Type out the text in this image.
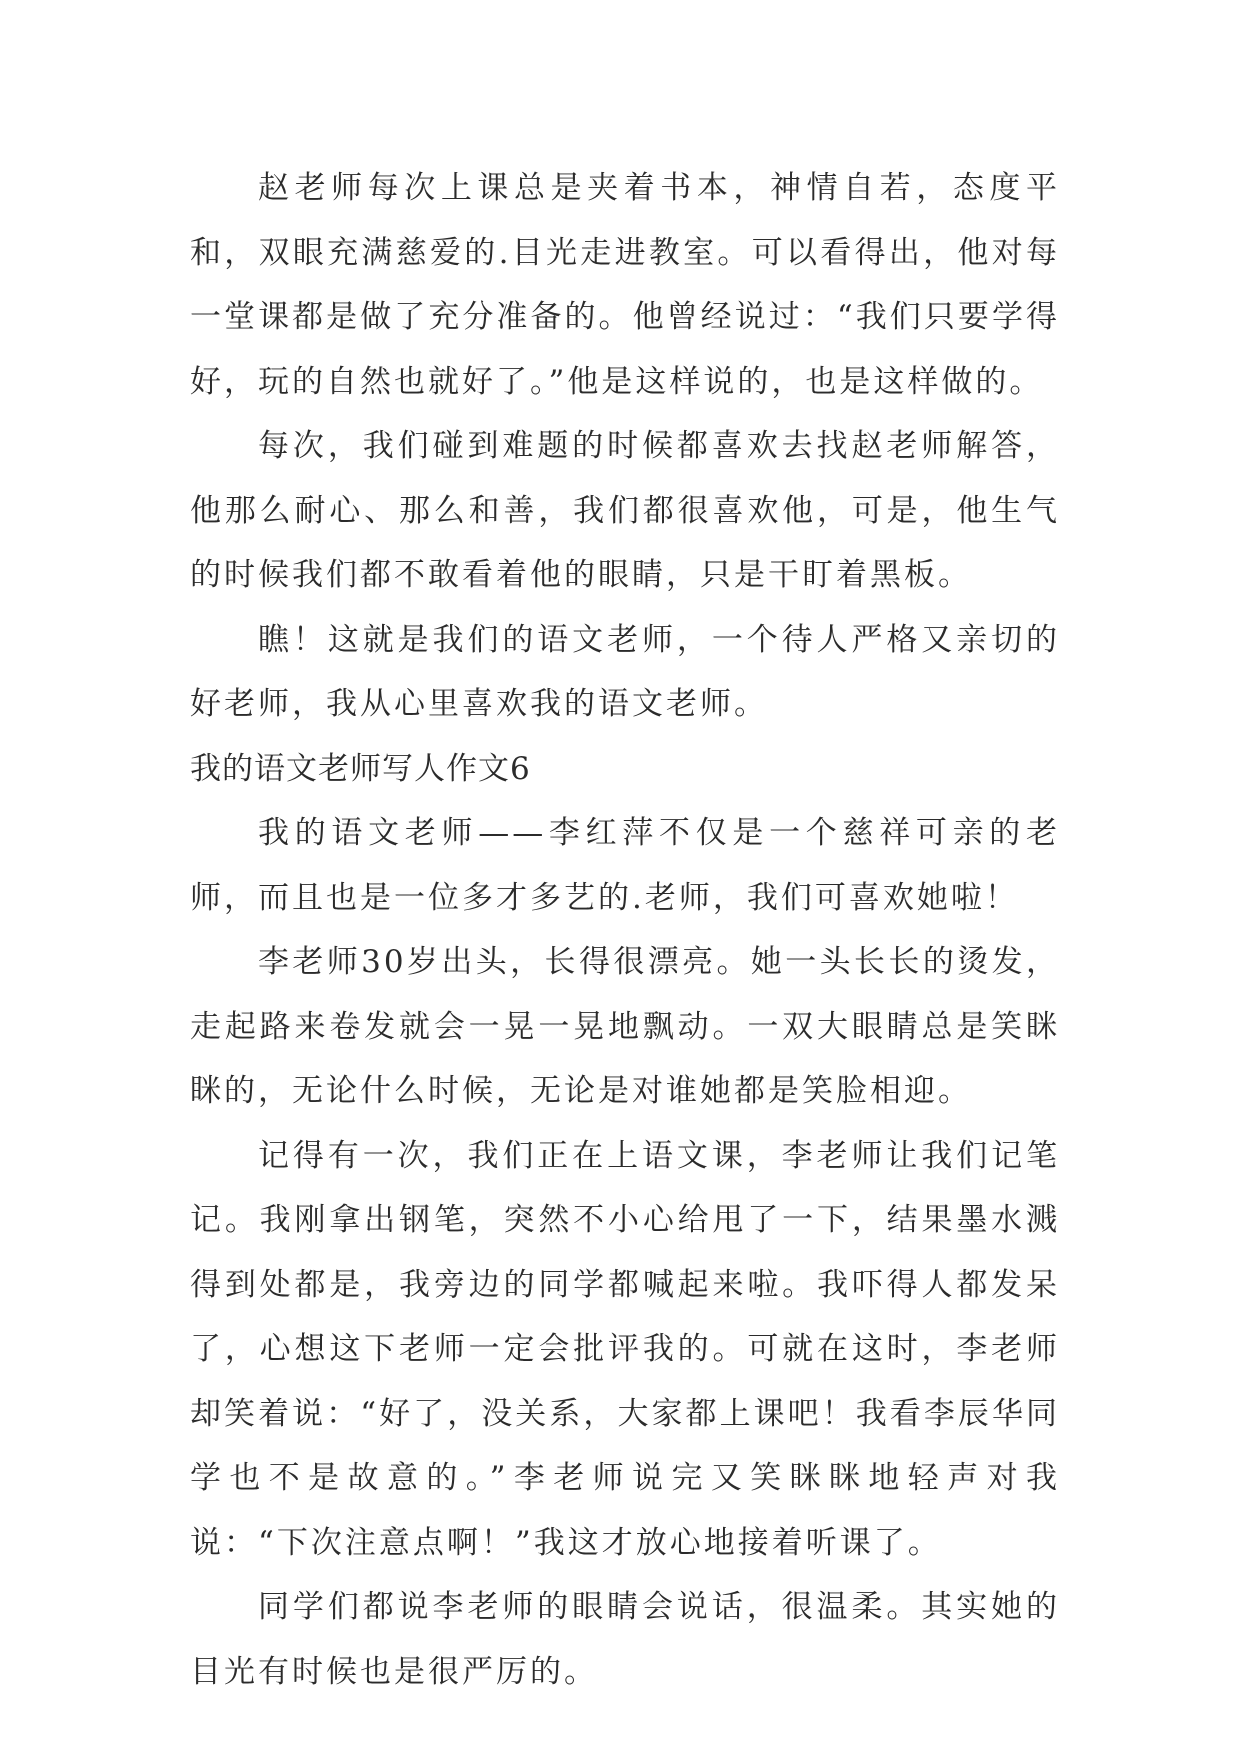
赵老师每次上课总是夹着书本，神情自若，态度平和，双眼充满慈爱的.目光走进教室。可以看得出，他对每一堂课都是做了充分准备的。他曾经说过：“我们只要学得好，玩的自然也就好了。”他是这样说的，也是这样做的。

每次，我们碰到难题的时候都喜欢去找赵老师解答，他那么耐心、那么和善，我们都很喜欢他，可是，他生气的时候我们都不敢看着他的眼睛，只是干盯着黑板。

瞧！这就是我们的语文老师，一个待人严格又亲切的好老师，我从心里喜欢我的语文老师。

我的语文老师写人作文6

我的语文老师——李红萍不仅是一个慈祥可亲的老师，而且也是一位多才多艺的.老师，我们可喜欢她啦！

李老师30岁出头，长得很漂亮。她一头长长的烫发，走起路来卷发就会一晃一晃地飘动。一双大眼睛总是笑眯眯的，无论什么时候，无论是对谁她都是笑脸相迎。

记得有一次，我们正在上语文课，李老师让我们记笔记。我刚拿出钢笔，突然不小心给甩了一下，结果墨水溅得到处都是，我旁边的同学都喊起来啦。我吓得人都发呆了，心想这下老师一定会批评我的。可就在这时，李老师却笑着说：“好了，没关系，大家都上课吧！我看李辰华同学也不是故意的。”李老师说完又笑眯眯地轻声对我说：“下次注意点啊！”我这才放心地接着听课了。

同学们都说李老师的眼睛会说话，很温柔。其实她的目光有时候也是很严厉的。
